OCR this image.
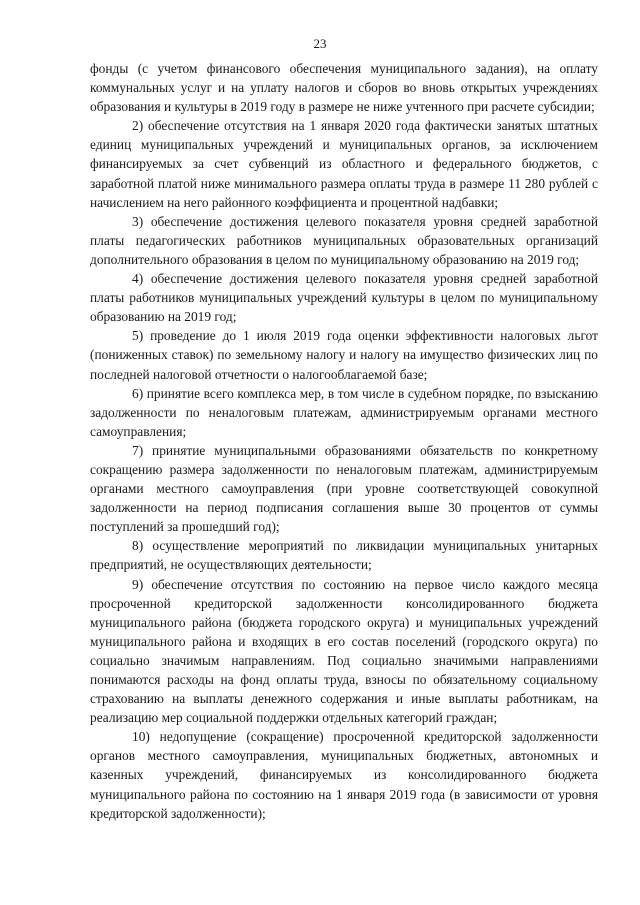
23

фонды (с учетом финансового обеспечения муниципального задания), на оплату коммунальных услуг и на уплату налогов и сборов во вновь открытых учреждениях образования и культуры в 2019 году в размере не ниже учтенного при расчете субсидии;

2) обеспечение отсутствия на 1 января 2020 года фактически занятых штатных единиц муниципальных учреждений и муниципальных органов, за исключением финансируемых за счет субвенций из областного и федерального бюджетов, с заработной платой ниже минимального размера оплаты труда в размере 11 280 рублей с начислением на него районного коэффициента и процентной надбавки;

3) обеспечение достижения целевого показателя уровня средней заработной платы педагогических работников муниципальных образовательных организаций дополнительного образования в целом по муниципальному образованию на 2019 год;

4) обеспечение достижения целевого показателя уровня средней заработной платы работников муниципальных учреждений культуры в целом по муниципальному образованию на 2019 год;

5) проведение до 1 июля 2019 года оценки эффективности налоговых льгот (пониженных ставок) по земельному налогу и налогу на имущество физических лиц по последней налоговой отчетности о налогооблагаемой базе;

6) принятие всего комплекса мер, в том числе в судебном порядке, по взысканию задолженности по неналоговым платежам, администрируемым органами местного самоуправления;

7) принятие муниципальными образованиями обязательств по конкретному сокращению размера задолженности по неналоговым платежам, администрируемым органами местного самоуправления (при уровне соответствующей совокупной задолженности на период подписания соглашения выше 30 процентов от суммы поступлений за прошедший год);

8) осуществление мероприятий по ликвидации муниципальных унитарных предприятий, не осуществляющих деятельности;

9) обеспечение отсутствия по состоянию на первое число каждого месяца просроченной кредиторской задолженности консолидированного бюджета муниципального района (бюджета городского округа) и муниципальных учреждений муниципального района и входящих в его состав поселений (городского округа) по социально значимым направлениям. Под социально значимыми направлениями понимаются расходы на фонд оплаты труда, взносы по обязательному социальному страхованию на выплаты денежного содержания и иные выплаты работникам, на реализацию мер социальной поддержки отдельных категорий граждан;

10) недопущение (сокращение) просроченной кредиторской задолженности органов местного самоуправления, муниципальных бюджетных, автономных и казенных учреждений, финансируемых из консолидированного бюджета муниципального района по состоянию на 1 января 2019 года (в зависимости от уровня кредиторской задолженности);
